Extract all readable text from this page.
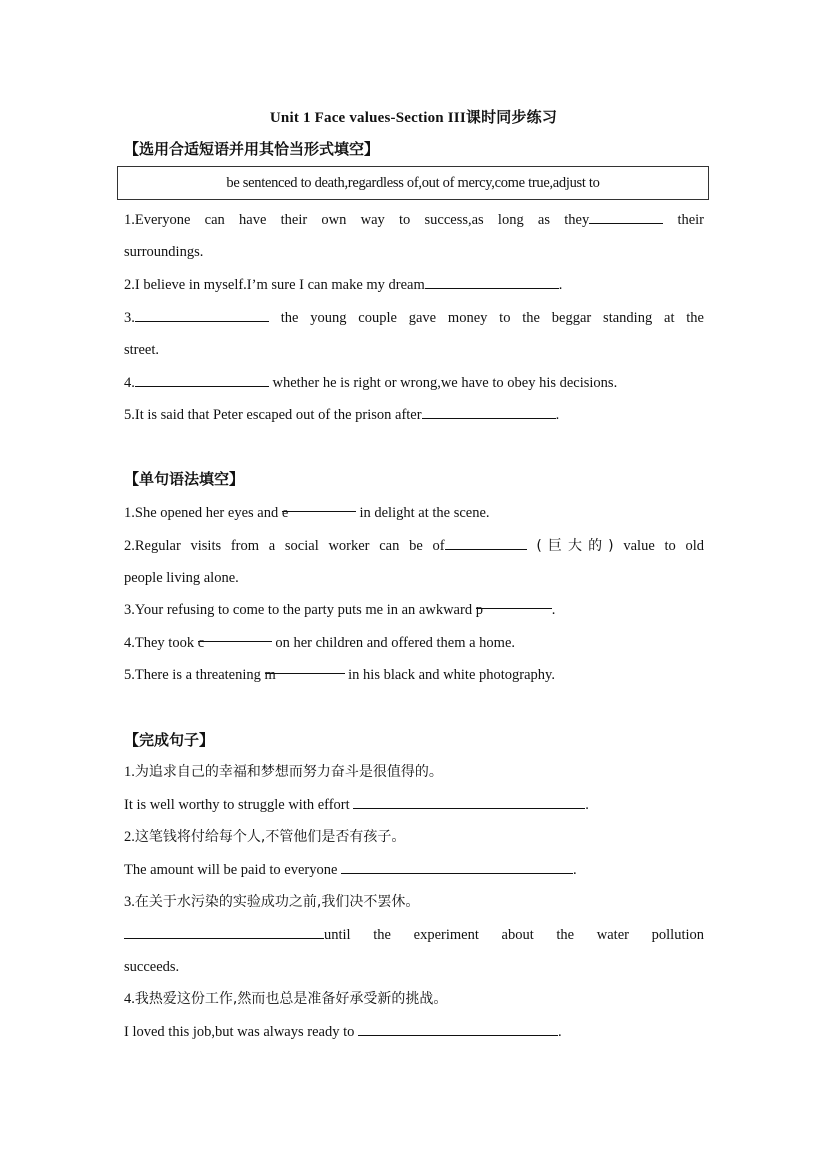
Unit 1 Face values-Section III课时同步练习
【选用合适短语并用其恰当形式填空】
be sentenced to death,regardless of,out of mercy,come true,adjust to
1.Everyone can have their own way to success,as long as they	their
surroundings.
2.I believe in myself.I’m sure I can make my dream	.
3.	the young couple gave money to the beggar standing at the
street.
4.	whether he is right or wrong,we have to obey his decisions.
5.It is said that Peter escaped out of the prison after	.
【单句语法填空】
1.She opened her eyes and e	in delight at the scene.
2.Regular visits from a social worker can be of	(巨大的) value to old
people living alone.
3.Your refusing to come to the party puts me in an awkward p	.
4.They took c	on her children and offered them a home.
5.There is a threatening m	in his black and white photography.
【完成句子】
1.为追求自己的幸福和梦想而努力奋斗是很值得的。
It is well worthy to struggle with effort	.
2.这笔钱将付给每个人,不管他们是否有孩子。
The amount will be paid to everyone	.
3.在关于水污染的实验成功之前,我们决不罢休。
until the experiment about the water pollution
succeeds.
4.我热爱这份工作,然而也总是准备好承受新的挑战。
I loved this job,but was always ready to	.
